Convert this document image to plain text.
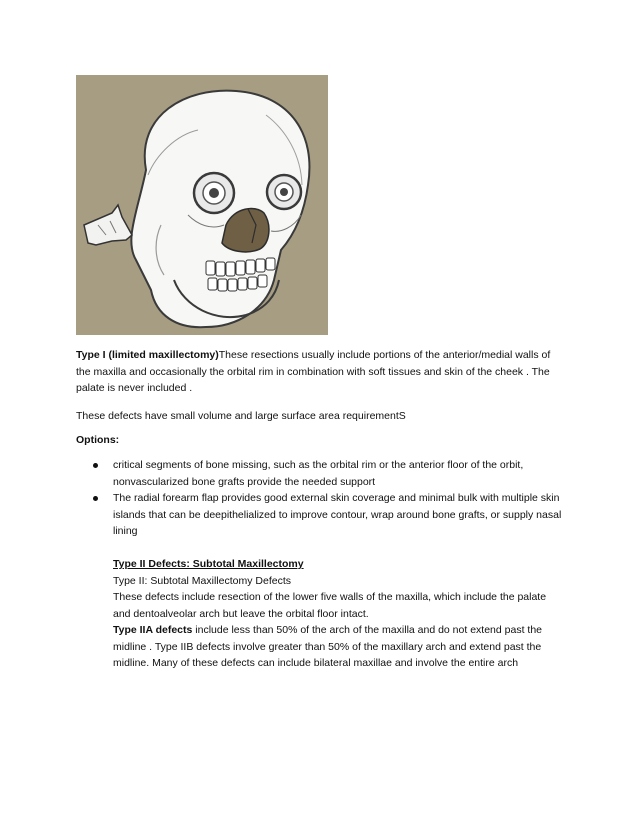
Type I (limited maxillectomy)These resections usually include portions of the anterior/medial walls of the maxilla and occasionally the orbital rim in combination with soft tissues and skin of the cheek . The palate is never included .

These defects have small volume and large surface area requirementS

Options:

critical segments of bone missing, such as the orbital rim or the anterior floor of the orbit, nonvascularized bone grafts provide the needed support
The radial forearm flap provides good external skin coverage and minimal bulk with multiple skin islands that can be deepithelialized to improve contour, wrap around bone grafts, or supply nasal lining

Type II Defects: Subtotal Maxillectomy

Type II: Subtotal Maxillectomy Defects

These defects include resection of the lower five walls of the maxilla, which include the palate and dentoalveolar arch but leave the orbital floor intact.

Type IIA defects include less than 50% of the arch of the maxilla and do not extend past the midline . Type IIB defects involve greater than 50% of the maxillary arch and extend past the midline. Many of these defects can include bilateral maxillae and involve the entire arch
